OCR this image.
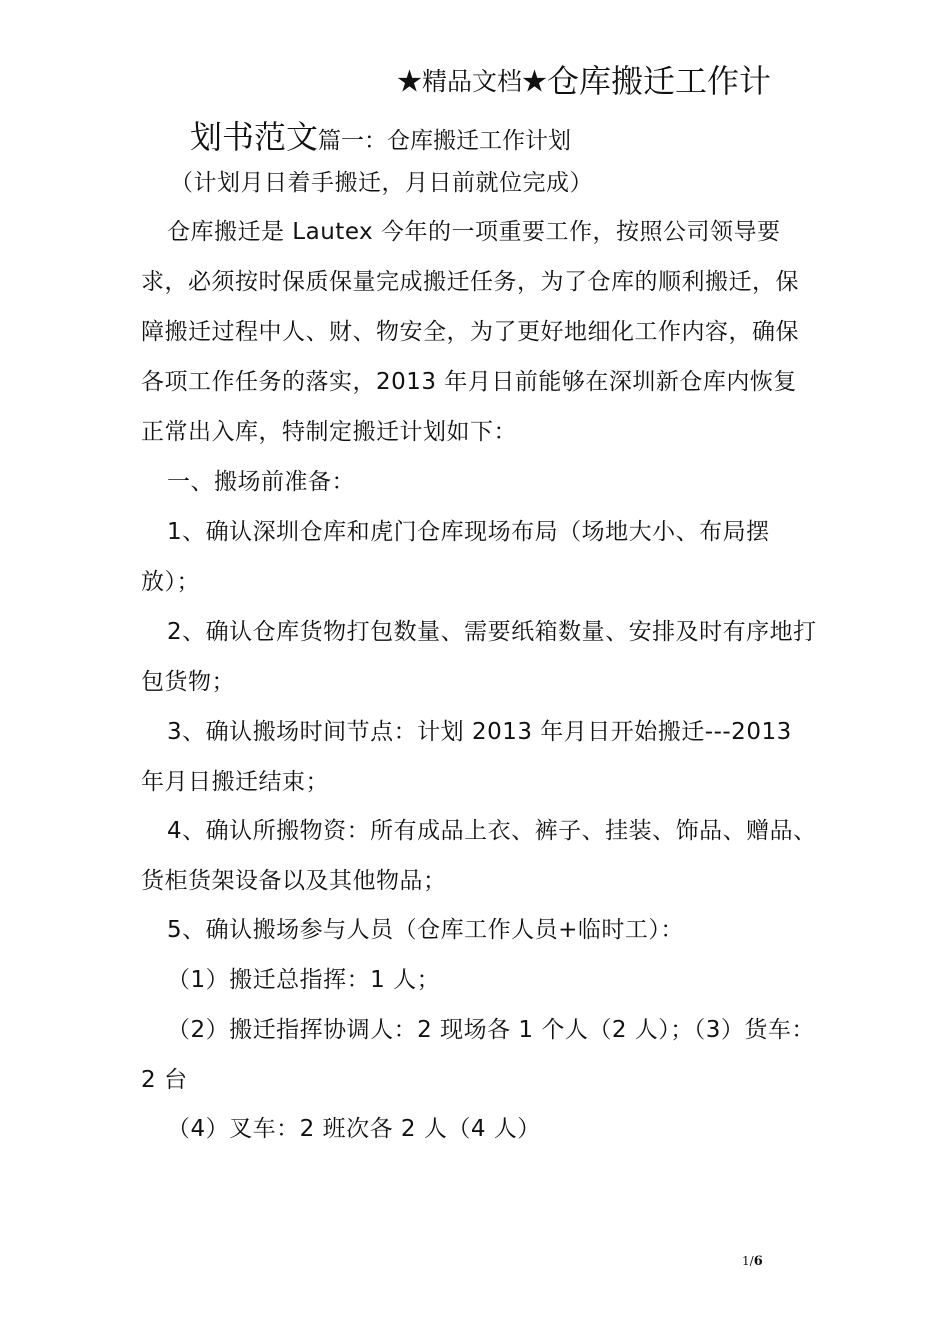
★精品文档★仓库搬迁工作计
划书范文篇一：仓库搬迁工作计划
（计划月日着手搬迁，月日前就位完成）
仓库搬迁是 Lautex 今年的一项重要工作，按照公司领导要求，必须按时保质保量完成搬迁任务，为了仓库的顺利搬迁，保障搬迁过程中人、财、物安全，为了更好地细化工作内容，确保各项工作任务的落实，2013 年月日前能够在深圳新仓库内恢复正常出入库，特制定搬迁计划如下：
一、搬场前准备：
1、确认深圳仓库和虎门仓库现场布局（场地大小、布局摆放）；
2、确认仓库货物打包数量、需要纸箱数量、安排及时有序地打包货物；
3、确认搬场时间节点：计划 2013 年月日开始搬迁---2013 年月日搬迁结束；
4、确认所搬物资：所有成品上衣、裤子、挂装、饰品、赠品、货柜货架设备以及其他物品；
5、确认搬场参与人员（仓库工作人员+临时工）：
（1）搬迁总指挥：1 人；
（2）搬迁指挥协调人：2 现场各 1 个人（2 人）；（3）货车：2 台
（4）叉车：2 班次各 2 人（4 人）
1/6
